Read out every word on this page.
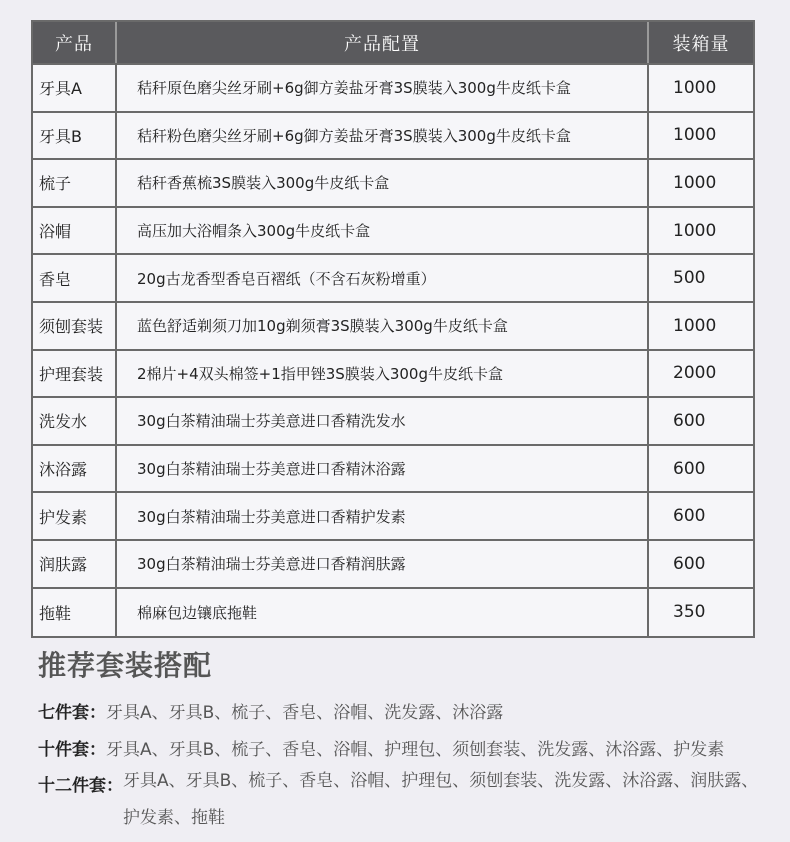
产品	产品配置	装箱量
牙具A	秸秆原色磨尖丝牙刷+6g御方姜盐牙膏3S膜装入300g牛皮纸卡盒	1000
牙具B	秸秆粉色磨尖丝牙刷+6g御方姜盐牙膏3S膜装入300g牛皮纸卡盒	1000
梳子	秸秆香蕉梳3S膜装入300g牛皮纸卡盒	1000
浴帽	高压加大浴帽条入300g牛皮纸卡盒	1000
香皂	20g古龙香型香皂百褶纸（不含石灰粉增重）	500
须刨套装	蓝色舒适剃须刀加10g剃须膏3S膜装入300g牛皮纸卡盒	1000
护理套装	2棉片+4双头棉签+1指甲锉3S膜装入300g牛皮纸卡盒	2000
洗发水	30g白茶精油瑞士芬美意进口香精洗发水	600
沐浴露	30g白茶精油瑞士芬美意进口香精沐浴露	600
护发素	30g白茶精油瑞士芬美意进口香精护发素	600
润肤露	30g白茶精油瑞士芬美意进口香精润肤露	600
拖鞋	棉麻包边镶底拖鞋	350
推荐套装搭配
七件套： 牙具A、牙具B、梳子、香皂、浴帽、洗发露、沐浴露
十件套： 牙具A、牙具B、梳子、香皂、浴帽、护理包、须刨套装、洗发露、沐浴露、护发素
十二件套： 牙具A、牙具B、梳子、香皂、浴帽、护理包、须刨套装、洗发露、沐浴露、润肤露、护发素、拖鞋
